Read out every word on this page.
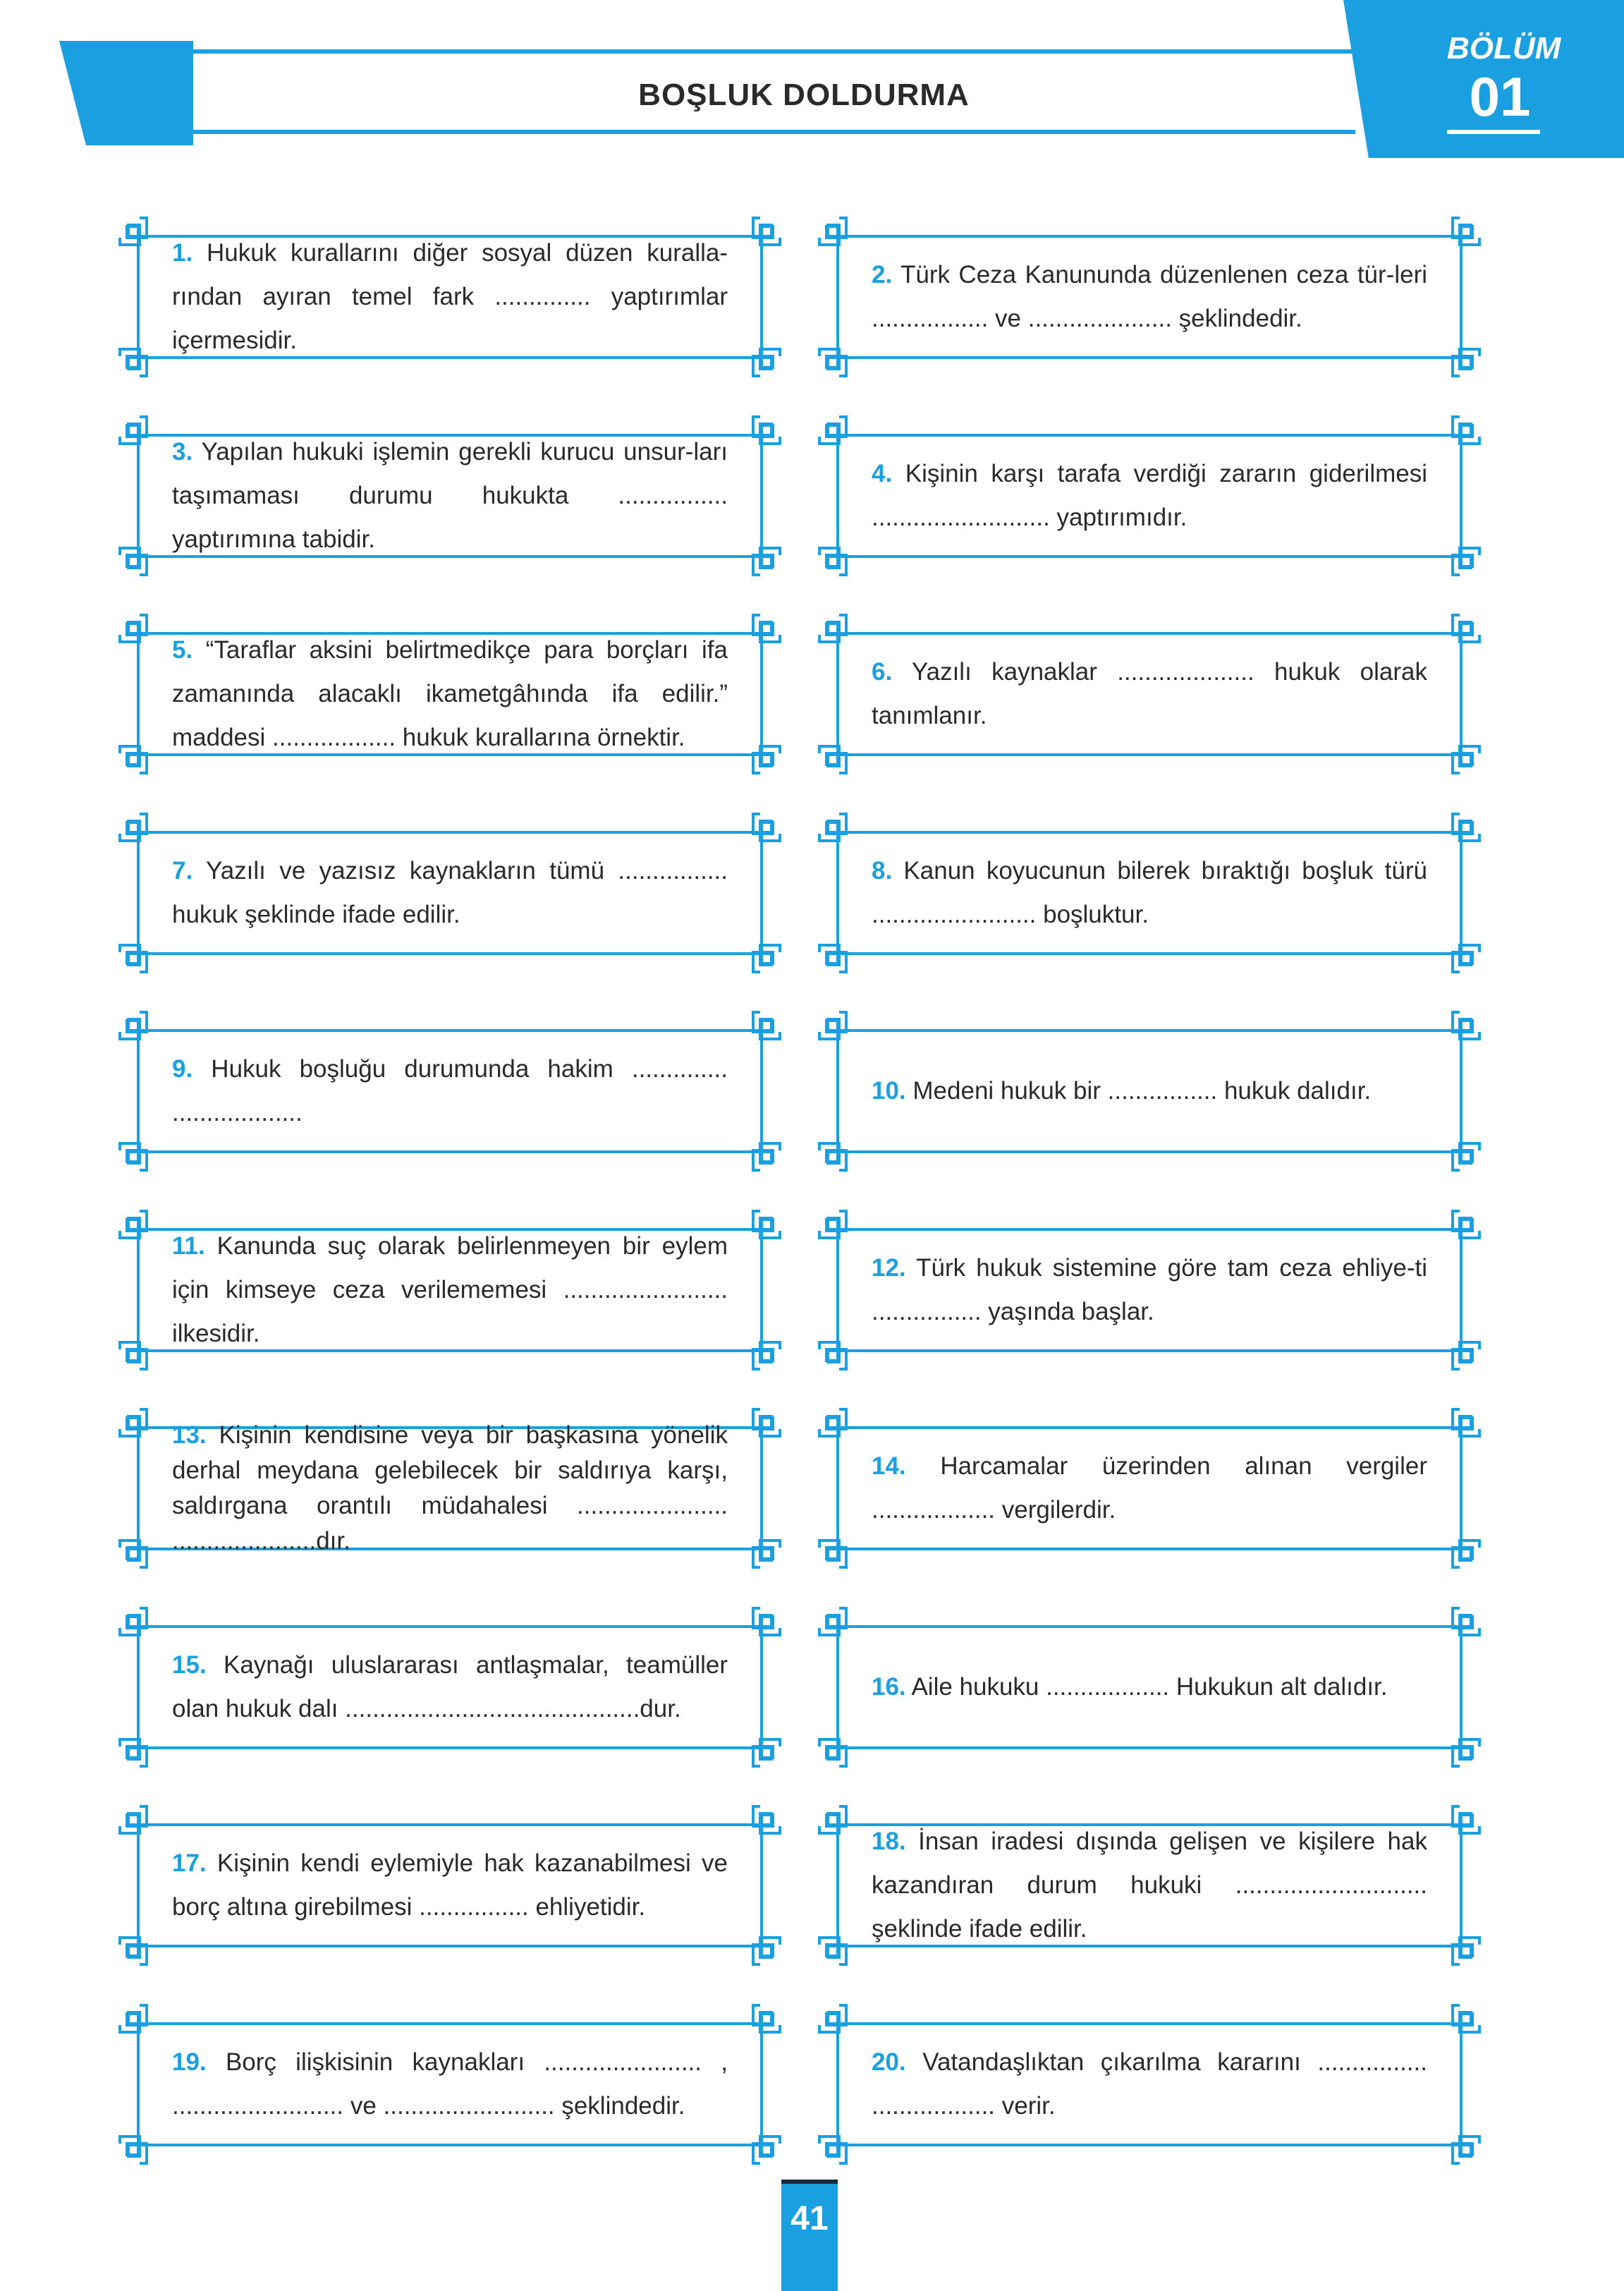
BOŞLUK DOLDURMA
BÖLÜM
01
1. Hukuk kurallarını diğer sosyal düzen kuralla-rından ayıran temel fark .............. yaptırımlar içermesidir.
2. Türk Ceza Kanununda düzenlenen ceza tür-leri ................. ve ..................... şeklindedir.
3. Yapılan hukuki işlemin gerekli kurucu unsur-ları taşımaması durumu hukukta ................ yaptırımına tabidir.
4. Kişinin karşı tarafa verdiği zararın giderilmesi .......................... yaptırımıdır.
5. “Taraflar aksini belirtmedikçe para borçları ifa zamanında alacaklı ikametgâhında ifa edilir.” maddesi .................. hukuk kurallarına örnektir.
6. Yazılı kaynaklar .................... hukuk olarak tanımlanır.
7. Yazılı ve yazısız kaynakların tümü ................ hukuk şeklinde ifade edilir.
8. Kanun koyucunun bilerek bıraktığı boşluk türü ........................ boşluktur.
9. Hukuk boşluğu durumunda hakim .............. ...................
10. Medeni hukuk bir ................ hukuk dalıdır.
11. Kanunda suç olarak belirlenmeyen bir eylem için kimseye ceza verilememesi ........................ ilkesidir.
12. Türk hukuk sistemine göre tam ceza ehliye-ti ................ yaşında başlar.
13. Kişinin kendisine veya bir başkasına yönelik derhal meydana gelebilecek bir saldırıya karşı, saldırgana orantılı müdahalesi ...................... .....................dır.
14. Harcamalar üzerinden alınan vergiler .................. vergilerdir.
15. Kaynağı uluslararası antlaşmalar, teamüller olan hukuk dalı ...........................................dur.
16. Aile hukuku .................. Hukukun alt dalıdır.
17. Kişinin kendi eylemiyle hak kazanabilmesi ve borç altına girebilmesi ................ ehliyetidir.
18. İnsan iradesi dışında gelişen ve kişilere hak kazandıran durum hukuki ............................ şeklinde ifade edilir.
19. Borç ilişkisinin kaynakları ....................... , ......................... ve ......................... şeklindedir.
20. Vatandaşlıktan çıkarılma kararını ................ .................. verir.
41
